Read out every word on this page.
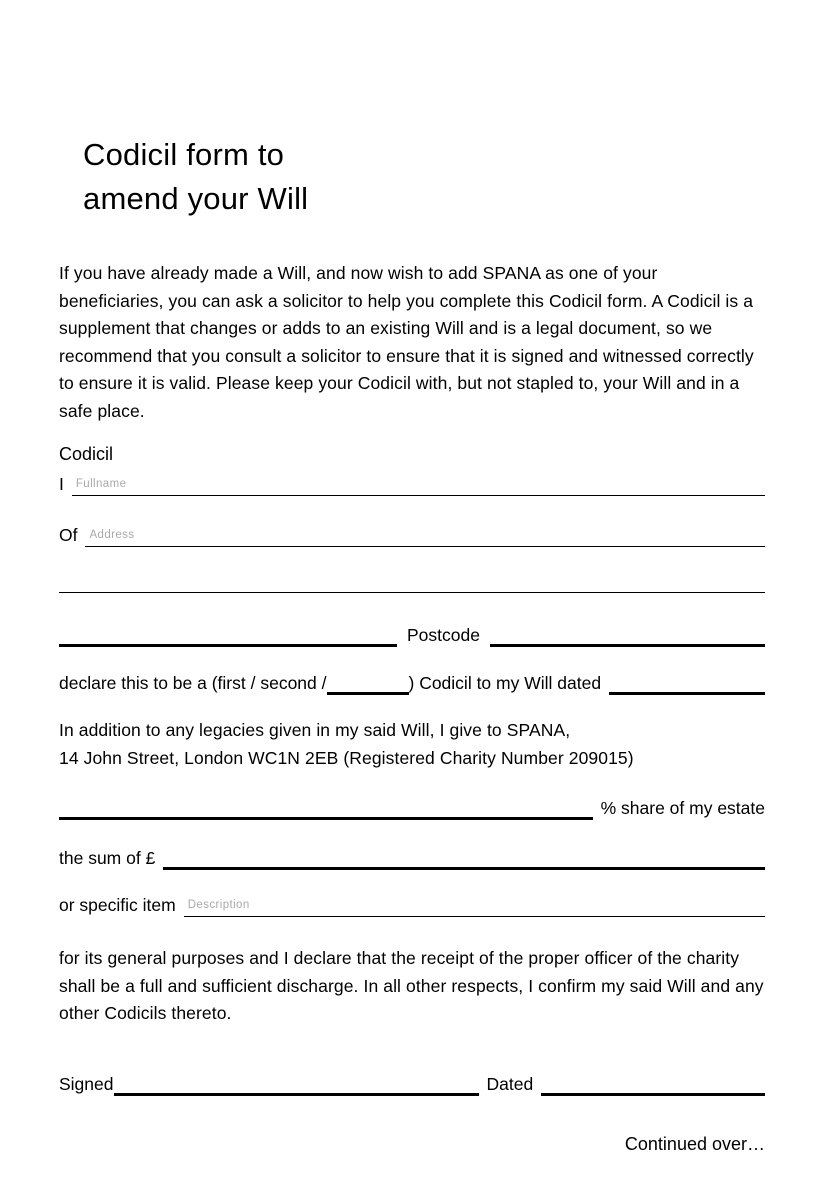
Codicil form to
amend your Will

If you have already made a Will, and now wish to add SPANA as one of your beneficiaries, you can ask a solicitor to help you complete this Codicil form. A Codicil is a supplement that changes or adds to an existing Will and is a legal document, so we recommend that you consult a solicitor to ensure that it is signed and witnessed correctly to ensure it is valid. Please keep your Codicil with, but not stapled to, your Will and in a safe place.

Codicil
I
Fullname
Of
Address
Postcode
declare this to be a (first / second /	) Codicil to my Will dated

In addition to any legacies given in my said Will, I give to SPANA,
14 John Street, London WC1N 2EB (Registered Charity Number 209015)

% share of my estate
the sum of £
or specific item
Description

for its general purposes and I declare that the receipt of the proper officer of the charity shall be a full and sufficient discharge. In all other respects, I confirm my said Will and any other Codicils thereto.

Signed	Dated
Continued over…
